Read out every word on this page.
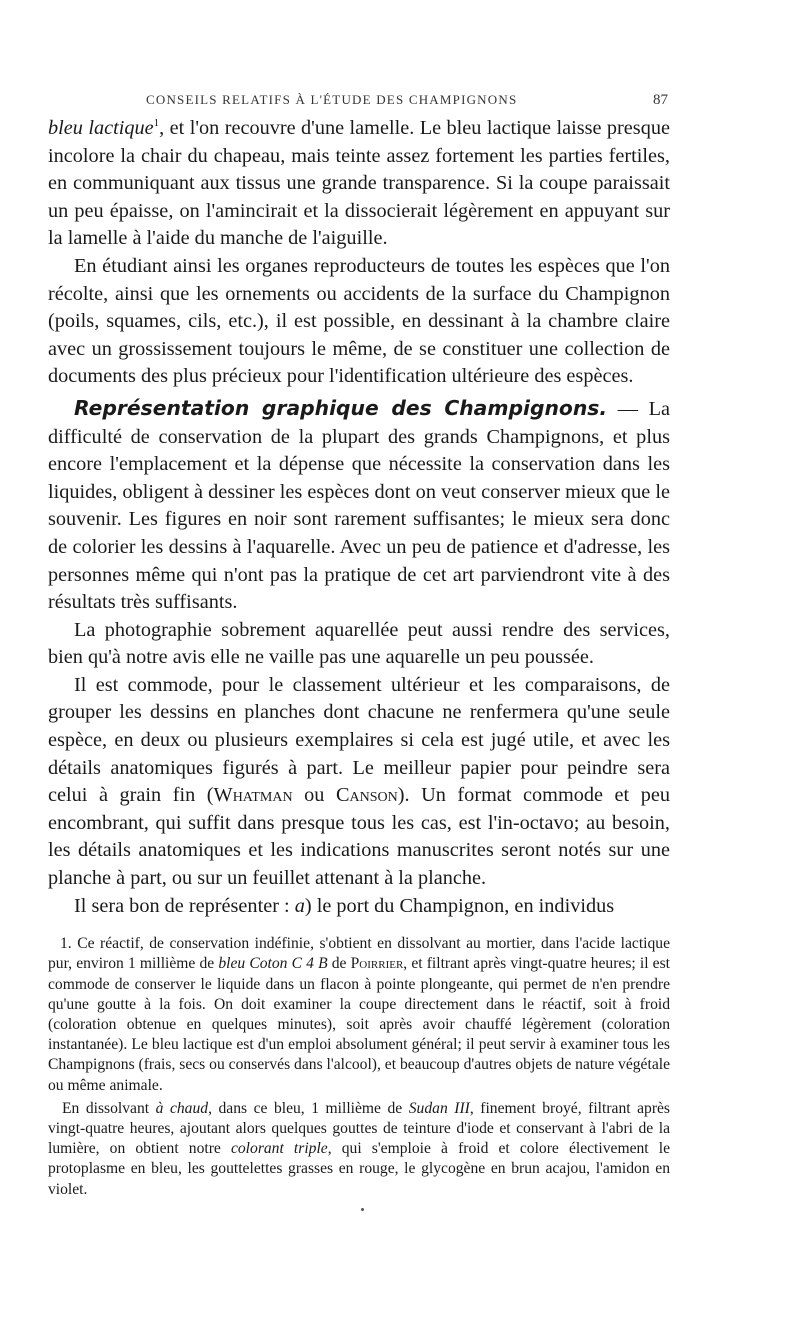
CONSEILS RELATIFS À L'ÉTUDE DES CHAMPIGNONS	87

bleu lactique$^1$, et l'on recouvre d'une lamelle. Le bleu lactique laisse presque incolore la chair du chapeau, mais teinte assez fortement les parties fertiles, en communiquant aux tissus une grande transparence. Si la coupe paraissait un peu épaisse, on l'amincirait et la dissocierait légèrement en appuyant sur la lamelle à l'aide du manche de l'aiguille.

En étudiant ainsi les organes reproducteurs de toutes les espèces que l'on récolte, ainsi que les ornements ou accidents de la surface du Champignon (poils, squames, cils, etc.), il est possible, en dessinant à la chambre claire avec un grossissement toujours le même, de se constituer une collection de documents des plus précieux pour l'identification ultérieure des espèces.

Représentation graphique des Champignons. — La difficulté de conservation de la plupart des grands Champignons, et plus encore l'emplacement et la dépense que nécessite la conservation dans les liquides, obligent à dessiner les espèces dont on veut conserver mieux que le souvenir. Les figures en noir sont rarement suffisantes; le mieux sera donc de colorier les dessins à l'aquarelle. Avec un peu de patience et d'adresse, les personnes même qui n'ont pas la pratique de cet art parviendront vite à des résultats très suffisants.

La photographie sobrement aquarellée peut aussi rendre des services, bien qu'à notre avis elle ne vaille pas une aquarelle un peu poussée.

Il est commode, pour le classement ultérieur et les comparaisons, de grouper les dessins en planches dont chacune ne renfermera qu'une seule espèce, en deux ou plusieurs exemplaires si cela est jugé utile, et avec les détails anatomiques figurés à part. Le meilleur papier pour peindre sera celui à grain fin (Whatman ou Canson). Un format commode et peu encombrant, qui suffit dans presque tous les cas, est l'in-octavo; au besoin, les détails anatomiques et les indications manuscrites seront notés sur une planche à part, ou sur un feuillet attenant à la planche.

Il sera bon de représenter : a) le port du Champignon, en individus

1. Ce réactif, de conservation indéfinie, s'obtient en dissolvant au mortier, dans l'acide lactique pur, environ 1 millième de bleu Coton C 4 B de Poirrier, et filtrant après vingt-quatre heures; il est commode de conserver le liquide dans un flacon à pointe plongeante, qui permet de n'en prendre qu'une goutte à la fois. On doit examiner la coupe directement dans le réactif, soit à froid (coloration obtenue en quelques minutes), soit après avoir chauffé légèrement (coloration instantanée). Le bleu lactique est d'un emploi absolument général; il peut servir à examiner tous les Champignons (frais, secs ou conservés dans l'alcool), et beaucoup d'autres objets de nature végétale ou même animale.

En dissolvant à chaud, dans ce bleu, 1 millième de Sudan III, finement broyé, filtrant après vingt-quatre heures, ajoutant alors quelques gouttes de teinture d'iode et conservant à l'abri de la lumière, on obtient notre colorant triple, qui s'emploie à froid et colore électivement le protoplasme en bleu, les gouttelettes grasses en rouge, le glycogène en brun acajou, l'amidon en violet.
